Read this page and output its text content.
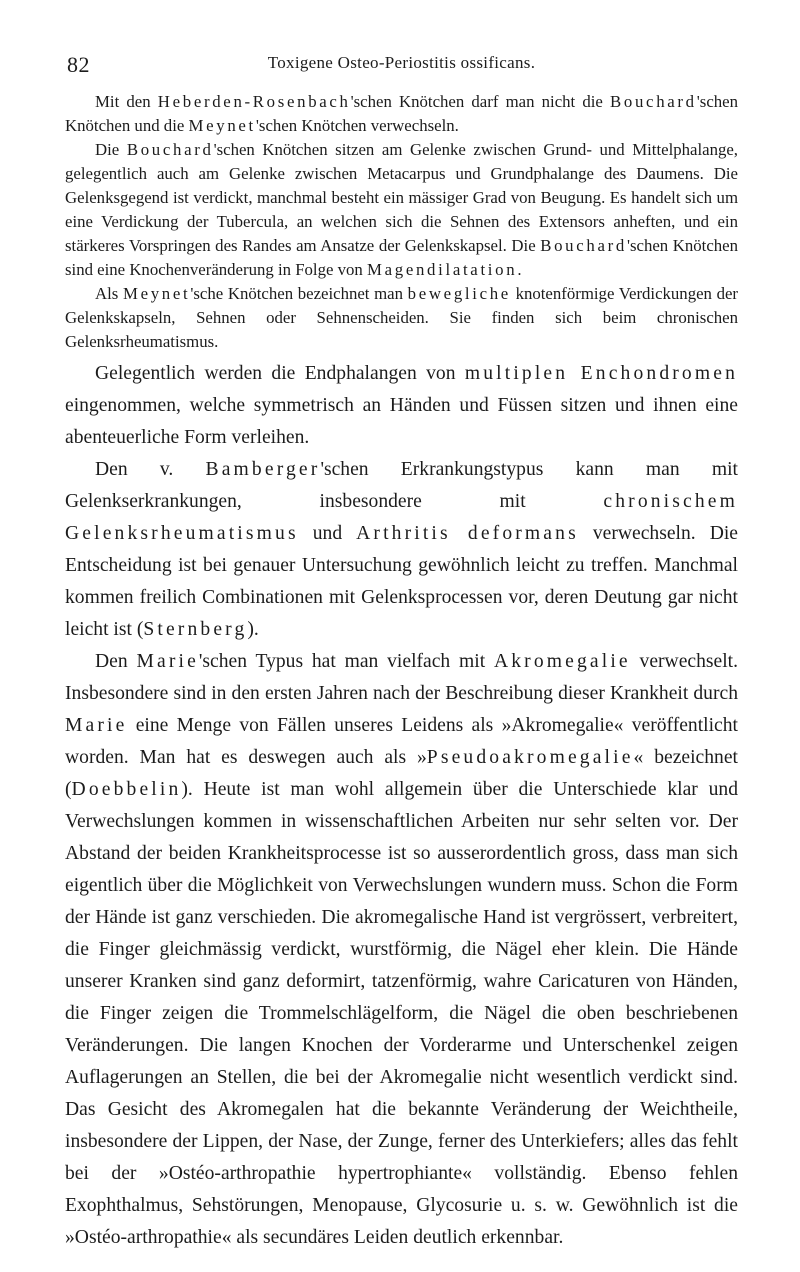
82	Toxigene Osteo-Periostitis ossificans.

Mit den Heberden-Rosenbach'schen Knötchen darf man nicht die Bouchard'schen Knötchen und die Meynet'schen Knötchen verwechseln.

Die Bouchard'schen Knötchen sitzen am Gelenke zwischen Grund- und Mittelphalange, gelegentlich auch am Gelenke zwischen Metacarpus und Grundphalange des Daumens. Die Gelenksgegend ist verdickt, manchmal besteht ein mässiger Grad von Beugung. Es handelt sich um eine Verdickung der Tubercula, an welchen sich die Sehnen des Extensors anheften, und ein stärkeres Vorspringen des Randes am Ansatze der Gelenkskapsel. Die Bouchard'schen Knötchen sind eine Knochenveränderung in Folge von Magendilatation.

Als Meynet'sche Knötchen bezeichnet man bewegliche knotenförmige Verdickungen der Gelenkskapseln, Sehnen oder Sehnenscheiden. Sie finden sich beim chronischen Gelenksrheumatismus.

Gelegentlich werden die Endphalangen von multiplen Enchondromen eingenommen, welche symmetrisch an Händen und Füssen sitzen und ihnen eine abenteuerliche Form verleihen.

Den v. Bamberger'schen Erkrankungstypus kann man mit Gelenkserkrankungen, insbesondere mit chronischem Gelenksrheumatismus und Arthritis deformans verwechseln. Die Entscheidung ist bei genauer Untersuchung gewöhnlich leicht zu treffen. Manchmal kommen freilich Combinationen mit Gelenksprocessen vor, deren Deutung gar nicht leicht ist (Sternberg).

Den Marie'schen Typus hat man vielfach mit Akromegalie verwechselt. Insbesondere sind in den ersten Jahren nach der Beschreibung dieser Krankheit durch Marie eine Menge von Fällen unseres Leidens als »Akromegalie« veröffentlicht worden. Man hat es deswegen auch als »Pseudoakromegalie« bezeichnet (Doebbelin). Heute ist man wohl allgemein über die Unterschiede klar und Verwechslungen kommen in wissenschaftlichen Arbeiten nur sehr selten vor. Der Abstand der beiden Krankheitsprocesse ist so ausserordentlich gross, dass man sich eigentlich über die Möglichkeit von Verwechslungen wundern muss. Schon die Form der Hände ist ganz verschieden. Die akromegalische Hand ist vergrössert, verbreitert, die Finger gleichmässig verdickt, wurstförmig, die Nägel eher klein. Die Hände unserer Kranken sind ganz deformirt, tatzenförmig, wahre Caricaturen von Händen, die Finger zeigen die Trommelschlägelform, die Nägel die oben beschriebenen Veränderungen. Die langen Knochen der Vorderarme und Unterschenkel zeigen Auflagerungen an Stellen, die bei der Akromegalie nicht wesentlich verdickt sind. Das Gesicht des Akromegalen hat die bekannte Veränderung der Weichtheile, insbesondere der Lippen, der Nase, der Zunge, ferner des Unterkiefers; alles das fehlt bei der »Ostéo-arthropathie hypertrophiante« vollständig. Ebenso fehlen Exophthalmus, Sehstörungen, Menopause, Glycosurie u. s. w. Gewöhnlich ist die »Ostéo-arthropathie« als secundäres Leiden deutlich erkennbar.
